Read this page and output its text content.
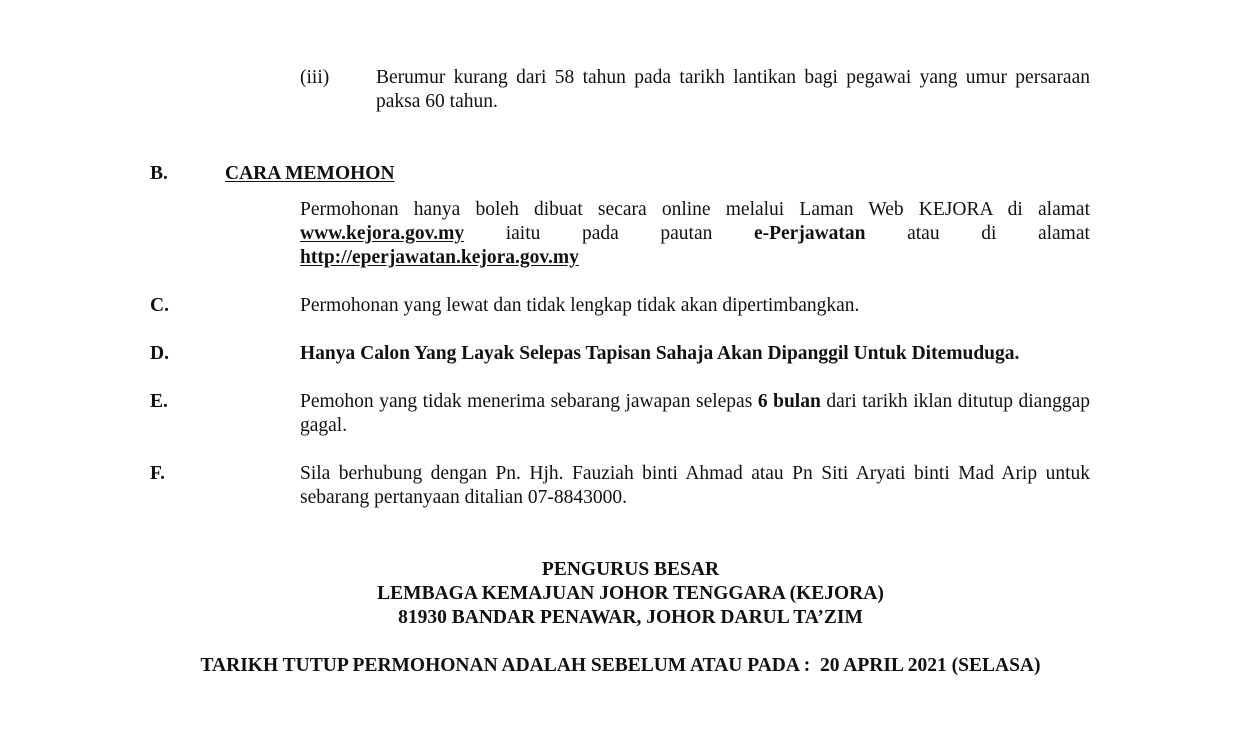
(iii) Berumur kurang dari 58 tahun pada tarikh lantikan bagi pegawai yang umur persaraan paksa 60 tahun.
B.	CARA MEMOHON
Permohonan hanya boleh dibuat secara online melalui Laman Web KEJORA di alamat
www.kejora.gov.my iaitu pada pautan e-Perjawatan atau di alamat
http://eperjawatan.kejora.gov.my
C.	Permohonan yang lewat dan tidak lengkap tidak akan dipertimbangkan.
D.	Hanya Calon Yang Layak Selepas Tapisan Sahaja Akan Dipanggil Untuk Ditemuduga.
E.	Pemohon yang tidak menerima sebarang jawapan selepas 6 bulan dari tarikh iklan ditutup dianggap gagal.
F.	Sila berhubung dengan Pn. Hjh. Fauziah binti Ahmad atau Pn Siti Aryati binti Mad Arip untuk sebarang pertanyaan ditalian 07-8843000.
PENGURUS BESAR
LEMBAGA KEMAJUAN JOHOR TENGGARA (KEJORA)
81930 BANDAR PENAWAR, JOHOR DARUL TA’ZIM
TARIKH TUTUP PERMOHONAN ADALAH SEBELUM ATAU PADA :  20 APRIL 2021 (SELASA)
